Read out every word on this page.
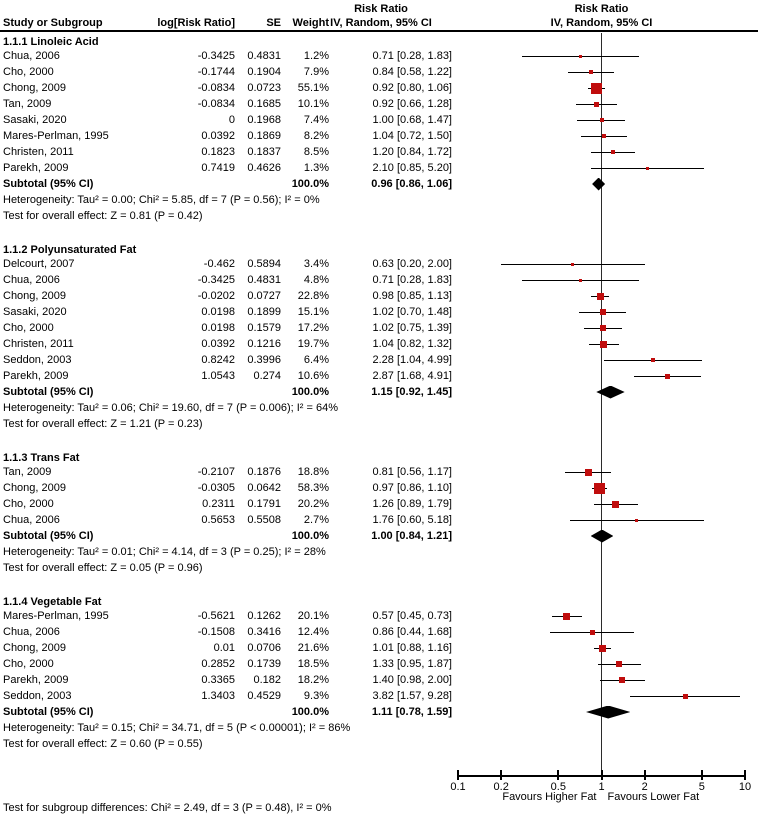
Risk Ratio	Risk Ratio
Study or Subgroup	log[Risk Ratio]	SE	Weight IV, Random, 95% CI	IV, Random, 95% CI
1.1.1 Linoleic Acid
Chua, 2006	-0.3425	0.4831	1.2%	0.71 [0.28, 1.83]
Cho, 2000	-0.1744	0.1904	7.9%	0.84 [0.58, 1.22]
Chong, 2009	-0.0834	0.0723	55.1%	0.92 [0.80, 1.06]
Tan, 2009	-0.0834	0.1685	10.1%	0.92 [0.66, 1.28]
Sasaki, 2020	0	0.1968	7.4%	1.00 [0.68, 1.47]
Mares-Perlman, 1995	0.0392	0.1869	8.2%	1.04 [0.72, 1.50]
Christen, 2011	0.1823	0.1837	8.5%	1.20 [0.84, 1.72]
Parekh, 2009	0.7419	0.4626	1.3%	2.10 [0.85, 5.20]
Subtotal (95% CI)	100.0%	0.96 [0.86, 1.06]
Heterogeneity: Tau² = 0.00; Chi² = 5.85, df = 7 (P = 0.56); I² = 0%
Test for overall effect: Z = 0.81 (P = 0.42)
1.1.2 Polyunsaturated Fat
Delcourt, 2007	-0.462	0.5894	3.4%	0.63 [0.20, 2.00]
Chua, 2006	-0.3425	0.4831	4.8%	0.71 [0.28, 1.83]
Chong, 2009	-0.0202	0.0727	22.8%	0.98 [0.85, 1.13]
Sasaki, 2020	0.0198	0.1899	15.1%	1.02 [0.70, 1.48]
Cho, 2000	0.0198	0.1579	17.2%	1.02 [0.75, 1.39]
Christen, 2011	0.0392	0.1216	19.7%	1.04 [0.82, 1.32]
Seddon, 2003	0.8242	0.3996	6.4%	2.28 [1.04, 4.99]
Parekh, 2009	1.0543	0.274	10.6%	2.87 [1.68, 4.91]
Subtotal (95% CI)	100.0%	1.15 [0.92, 1.45]
Heterogeneity: Tau² = 0.06; Chi² = 19.60, df = 7 (P = 0.006); I² = 64%
Test for overall effect: Z = 1.21 (P = 0.23)
1.1.3 Trans Fat
Tan, 2009	-0.2107	0.1876	18.8%	0.81 [0.56, 1.17]
Chong, 2009	-0.0305	0.0642	58.3%	0.97 [0.86, 1.10]
Cho, 2000	0.2311	0.1791	20.2%	1.26 [0.89, 1.79]
Chua, 2006	0.5653	0.5508	2.7%	1.76 [0.60, 5.18]
Subtotal (95% CI)	100.0%	1.00 [0.84, 1.21]
Heterogeneity: Tau² = 0.01; Chi² = 4.14, df = 3 (P = 0.25); I² = 28%
Test for overall effect: Z = 0.05 (P = 0.96)
1.1.4 Vegetable Fat
Mares-Perlman, 1995	-0.5621	0.1262	20.1%	0.57 [0.45, 0.73]
Chua, 2006	-0.1508	0.3416	12.4%	0.86 [0.44, 1.68]
Chong, 2009	0.01	0.0706	21.6%	1.01 [0.88, 1.16]
Cho, 2000	0.2852	0.1739	18.5%	1.33 [0.95, 1.87]
Parekh, 2009	0.3365	0.182	18.2%	1.40 [0.98, 2.00]
Seddon, 2003	1.3403	0.4529	9.3%	3.82 [1.57, 9.28]
Subtotal (95% CI)	100.0%	1.11 [0.78, 1.59]
Heterogeneity: Tau² = 0.15; Chi² = 34.71, df = 5 (P < 0.00001); I² = 86%
Test for overall effect: Z = 0.60 (P = 0.55)
0.1	0.2	0.5	1	2	5	10
Favours Higher Fat Favours Lower Fat
Test for subgroup differences: Chi² = 2.49, df = 3 (P = 0.48), I² = 0%
